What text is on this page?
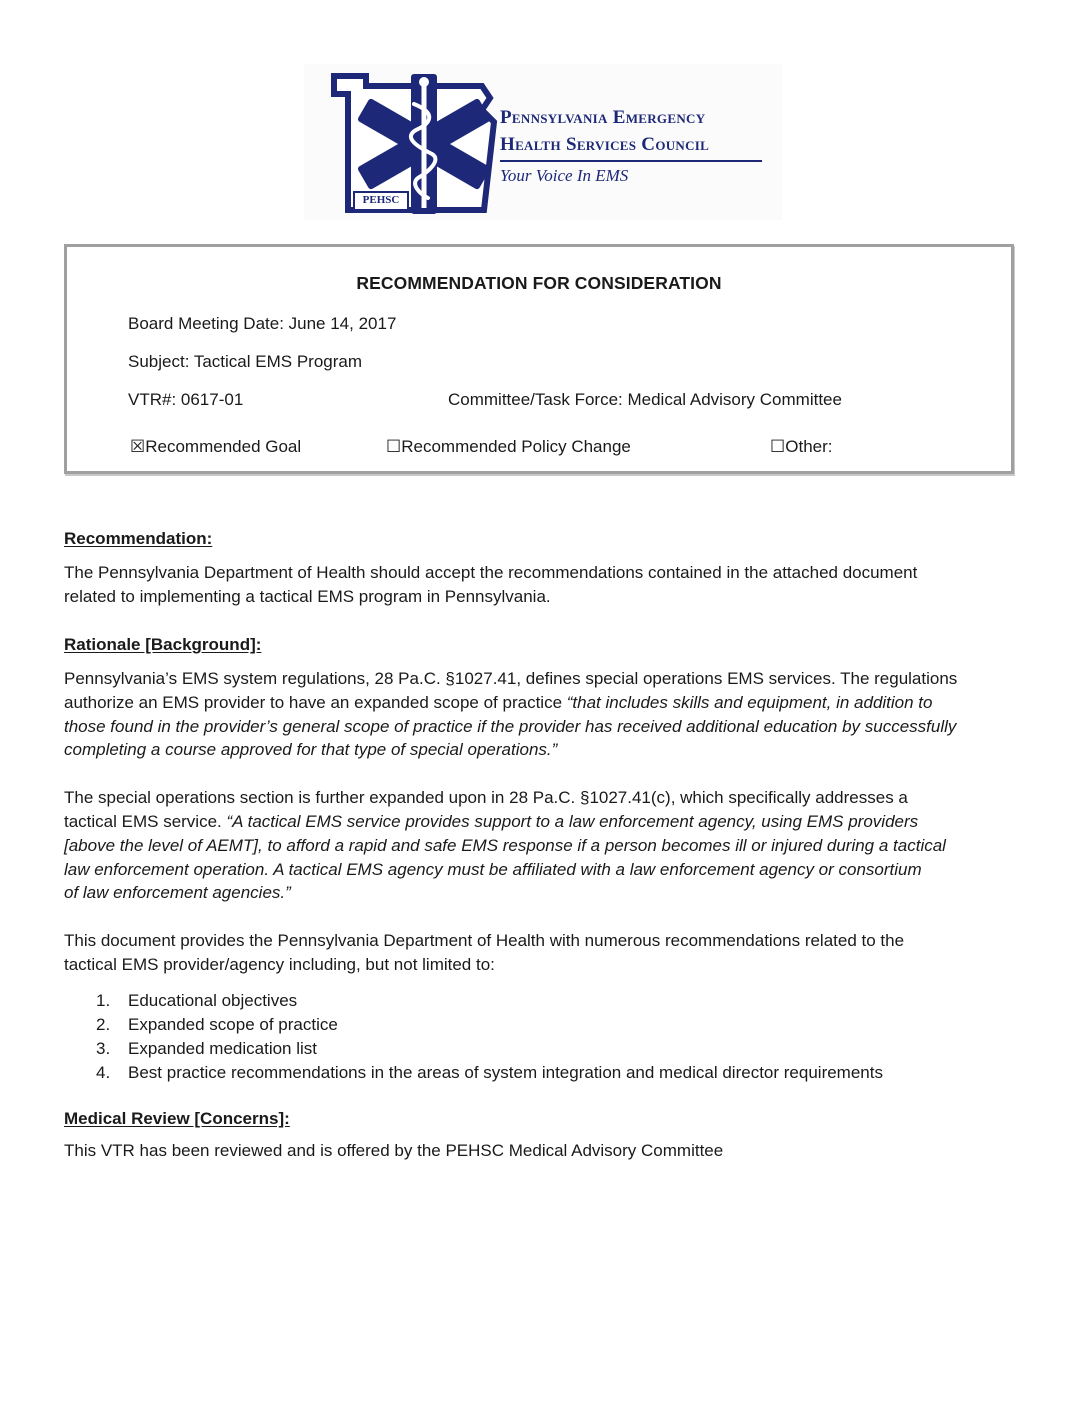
PEHSC
Pennsylvania Emergency
Health Services Council
Your Voice In EMS
RECOMMENDATION FOR CONSIDERATION
Board Meeting Date: June 14, 2017
Subject: Tactical EMS Program
VTR#: 0617-01	Committee/Task Force: Medical Advisory Committee
☒Recommended Goal	☐Recommended Policy Change	☐Other:
Recommendation:
The Pennsylvania Department of Health should accept the recommendations contained in the attached document
related to implementing a tactical EMS program in Pennsylvania.
Rationale [Background]:
Pennsylvania’s EMS system regulations, 28 Pa.C. §1027.41, defines special operations EMS services. The regulations
authorize an EMS provider to have an expanded scope of practice “that includes skills and equipment, in addition to
those found in the provider’s general scope of practice if the provider has received additional education by successfully
completing a course approved for that type of special operations.”
The special operations section is further expanded upon in 28 Pa.C. §1027.41(c), which specifically addresses a
tactical EMS service. “A tactical EMS service provides support to a law enforcement agency, using EMS providers
[above the level of AEMT], to afford a rapid and safe EMS response if a person becomes ill or injured during a tactical
law enforcement operation. A tactical EMS agency must be affiliated with a law enforcement agency or consortium
of law enforcement agencies.”
This document provides the Pennsylvania Department of Health with numerous recommendations related to the
tactical EMS provider/agency including, but not limited to:
1. Educational objectives
2. Expanded scope of practice
3. Expanded medication list
4. Best practice recommendations in the areas of system integration and medical director requirements
Medical Review [Concerns]:
This VTR has been reviewed and is offered by the PEHSC Medical Advisory Committee
